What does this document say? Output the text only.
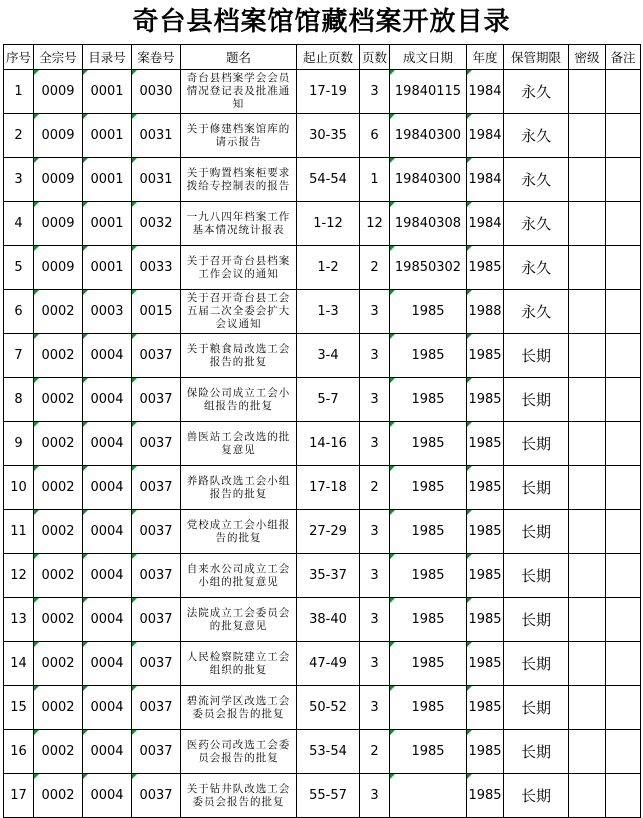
奇台县档案馆馆藏档案开放目录
序号	全宗号	目录号	案卷号	题名	起止页数	页数	成文日期	年度	保管期限	密级	备注
1	0009	0001	0030	奇台县档案学会会员情况登记表及批准通知	17-19	3	19840115	1984	永久		
2	0009	0001	0031	关于修建档案馆库的请示报告	30-35	6	19840300	1984	永久		
3	0009	0001	0031	关于购置档案柜要求拨给专控制表的报告	54-54	1	19840300	1984	永久		
4	0009	0001	0032	一九八四年档案工作基本情况统计报表	1-12	12	19840308	1984	永久		
5	0009	0001	0033	关于召开奇台县档案工作会议的通知	1-2	2	19850302	1985	永久		
6	0002	0003	0015	关于召开奇台县工会五届二次全委会扩大会议通知	1-3	3	1985	1988	永久		
7	0002	0004	0037	关于粮食局改选工会报告的批复	3-4	3	1985	1985	长期		
8	0002	0004	0037	保险公司成立工会小组报告的批复	5-7	3	1985	1985	长期		
9	0002	0004	0037	兽医站工会改选的批复意见	14-16	3	1985	1985	长期		
10	0002	0004	0037	养路队改选工会小组报告的批复	17-18	2	1985	1985	长期		
11	0002	0004	0037	党校成立工会小组报告的批复	27-29	3	1985	1985	长期		
12	0002	0004	0037	自来水公司成立工会小组的批复意见	35-37	3	1985	1985	长期		
13	0002	0004	0037	法院成立工会委员会的批复意见	38-40	3	1985	1985	长期		
14	0002	0004	0037	人民检察院建立工会组织的批复	47-49	3	1985	1985	长期		
15	0002	0004	0037	碧流河学区改选工会委员会报告的批复	50-52	3	1985	1985	长期		
16	0002	0004	0037	医药公司改选工会委员会报告的批复	53-54	2	1985	1985	长期		
17	0002	0004	0037	关于钻井队改选工会委员会报告的批复	55-57	3		1985	长期		
